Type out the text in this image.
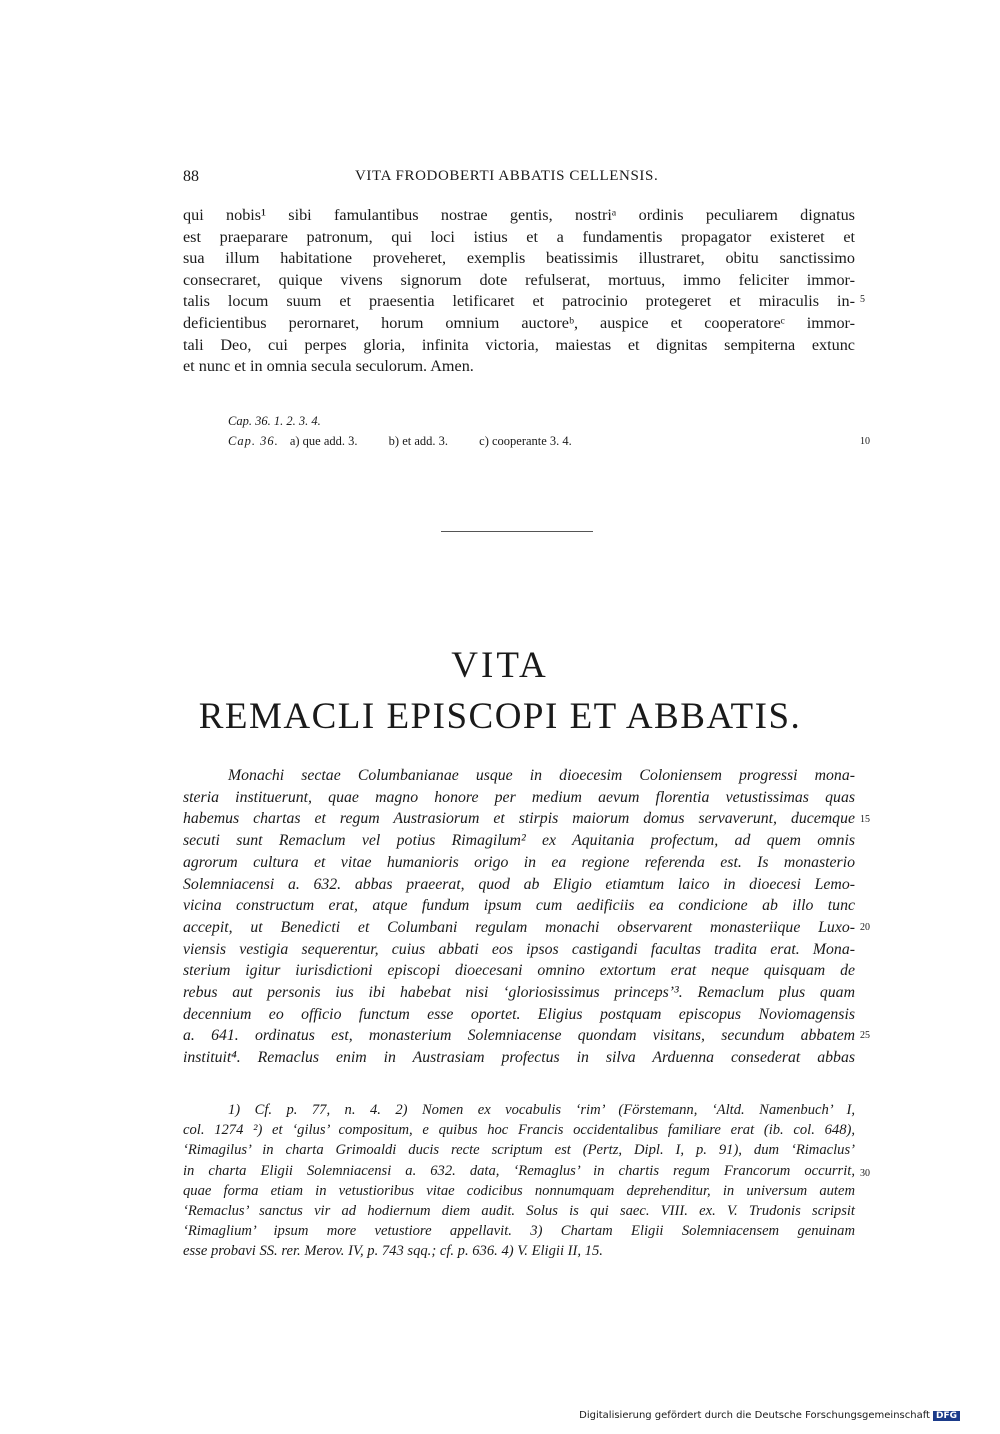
88	VITA FRODOBERTI ABBATIS CELLENSIS.
qui nobis¹ sibi famulantibus nostrae gentis, nostriᵃ ordinis peculiarem dignatus
est praeparare patronum, qui loci istius et a fundamentis propagator existeret et
sua illum habitatione proveheret, exemplis beatissimis illustraret, obitu sanctissimo
consecraret, quique vivens signorum dote refulserat, mortuus, immo feliciter immor-
talis locum suum et praesentia letificaret et patrocinio protegeret et miraculis in-
deficientibus perornaret, horum omnium auctoreᵇ, auspice et cooperatoreᶜ immor-
tali Deo, cui perpes gloria, infinita victoria, maiestas et dignitas sempiterna extunc
et nunc et in omnia secula seculorum. Amen.
5
Cap. 36. 1. 2. 3. 4.
Cap. 36. a) que add. 3. b) et add. 3. c) cooperante 3. 4.	10
VITA
REMACLI EPISCOPI ET ABBATIS.
Monachi sectae Columbanianae usque in dioecesim Coloniensem progressi mona-
steria instituerunt, quae magno honore per medium aevum florentia vetustissimas quas
habemus chartas et regum Austrasiorum et stirpis maiorum domus servaverunt, ducemque
secuti sunt Remaclum vel potius Rimagilum² ex Aquitania profectum, ad quem omnis
agrorum cultura et vitae humanioris origo in ea regione referenda est. Is monasterio
Solemniacensi a. 632. abbas praeerat, quod ab Eligio etiamtum laico in dioecesi Lemo-
vicina constructum erat, atque fundum ipsum cum aedificiis ea condicione ab illo tunc
accepit, ut Benedicti et Columbani regulam monachi observarent monasteriique Luxo-
viensis vestigia sequerentur, cuius abbati eos ipsos castigandi facultas tradita erat. Mona-
sterium igitur iurisdictioni episcopi dioecesani omnino extortum erat neque quisquam de
rebus aut personis ius ibi habebat nisi ‘gloriosissimus princeps’³. Remaclum plus quam
decennium eo officio functum esse oportet. Eligius postquam episcopus Noviomagensis
a. 641. ordinatus est, monasterium Solemniacense quondam visitans, secundum abbatem
instituit⁴. Remaclus enim in Austrasiam profectus in silva Arduenna consederat abbas
15
20
25
1) Cf. p. 77, n. 4. 2) Nomen ex vocabulis ‘rim’ (Förstemann, ‘Altd. Namenbuch’ I,
col. 1274 ²) et ‘gilus’ compositum, e quibus hoc Francis occidentalibus familiare erat (ib. col. 648),
‘Rimagilus’ in charta Grimoaldi ducis recte scriptum est (Pertz, Dipl. I, p. 91), dum ‘Rimaclus’
in charta Eligii Solemniacensi a. 632. data, ‘Remaglus’ in chartis regum Francorum occurrit,
quae forma etiam in vetustioribus vitae codicibus nonnumquam deprehenditur, in universum autem
‘Remaclus’ sanctus vir ad hodiernum diem audit. Solus is qui saec. VIII. ex. V. Trudonis scripsit
‘Rimaglium’ ipsum more vetustiore appellavit. 3) Chartam Eligii Solemniacensem genuinam
esse probavi SS. rer. Merov. IV, p. 743 sqq.; cf. p. 636. 4) V. Eligii II, 15.
30
Digitalisierung gefördert durch die Deutsche Forschungsgemeinschaft DFG
